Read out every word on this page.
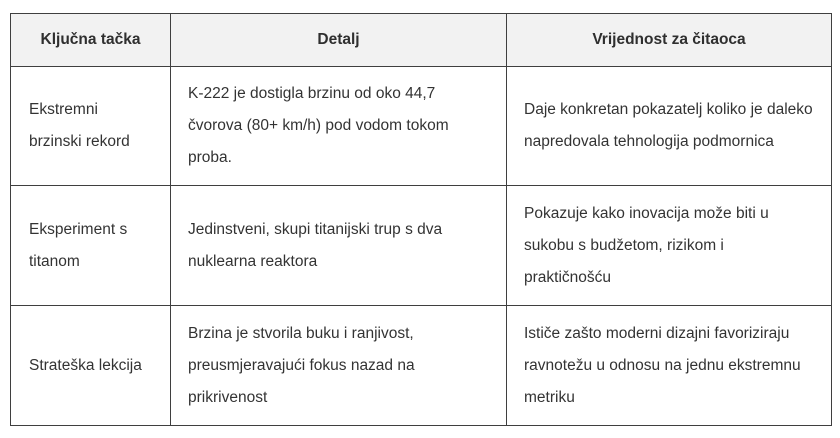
Ključna tačka	Detalj	Vrijednost za čitaoca
Ekstremni brzinski rekord	K-222 je dostigla brzinu od oko 44,7 čvorova (80+ km/h) pod vodom tokom proba.	Daje konkretan pokazatelj koliko je daleko napredovala tehnologija podmornica
Eksperiment s titanom	Jedinstveni, skupi titanijski trup s dva nuklearna reaktora	Pokazuje kako inovacija može biti u sukobu s budžetom, rizikom i praktičnošću
Strateška lekcija	Brzina je stvorila buku i ranjivost, preusmjeravajući fokus nazad na prikrivenost	Ističe zašto moderni dizajni favoriziraju ravnotežu u odnosu na jednu ekstremnu metriku
